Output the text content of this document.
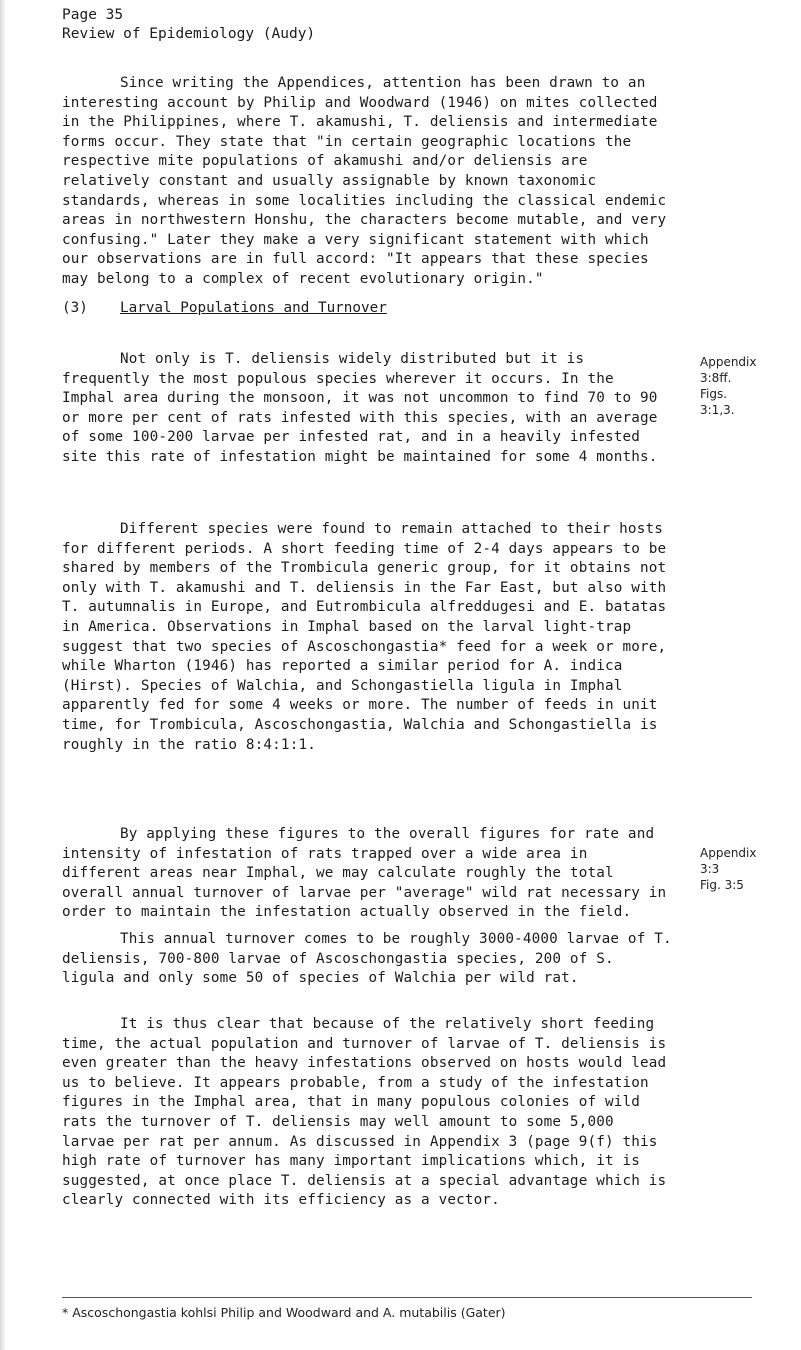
Page 35
Review of Epidemiology (Audy)

Since writing the Appendices, attention has been drawn to an interesting account by Philip and Woodward (1946) on mites collected in the Philippines, where T. akamushi, T. deliensis and intermediate forms occur. They state that "in certain geographic locations the respective mite populations of akamushi and/or deliensis are relatively constant and usually assignable by known taxonomic standards, whereas in some localities including the classical endemic areas in northwestern Honshu, the characters become mutable, and very confusing." Later they make a very significant statement with which our observations are in full accord: "It appears that these species may belong to a complex of recent evolutionary origin."

(3) Larval Populations and Turnover

Not only is T. deliensis widely distributed but it is frequently the most populous species wherever it occurs. In the Imphal area during the monsoon, it was not uncommon to find 70 to 90 or more per cent of rats infested with this species, with an average of some 100-200 larvae per infested rat, and in a heavily infested site this rate of infestation might be maintained for some 4 months.

Different species were found to remain attached to their hosts for different periods. A short feeding time of 2-4 days appears to be shared by members of the Trombicula generic group, for it obtains not only with T. akamushi and T. deliensis in the Far East, but also with T. autumnalis in Europe, and Eutrombicula alfreddugesi and E. batatas in America. Observations in Imphal based on the larval light-trap suggest that two species of Ascoschongastia* feed for a week or more, while Wharton (1946) has reported a similar period for A. indica (Hirst). Species of Walchia, and Schongastiella ligula in Imphal apparently fed for some 4 weeks or more. The number of feeds in unit time, for Trombicula, Ascoschongastia, Walchia and Schongastiella is roughly in the ratio 8:4:1:1.

By applying these figures to the overall figures for rate and intensity of infestation of rats trapped over a wide area in different areas near Imphal, we may calculate roughly the total overall annual turnover of larvae per "average" wild rat necessary in order to maintain the infestation actually observed in the field.

This annual turnover comes to be roughly 3000-4000 larvae of T. deliensis, 700-800 larvae of Ascoschongastia species, 200 of S. ligula and only some 50 of species of Walchia per wild rat.

It is thus clear that because of the relatively short feeding time, the actual population and turnover of larvae of T. deliensis is even greater than the heavy infestations observed on hosts would lead us to believe. It appears probable, from a study of the infestation figures in the Imphal area, that in many populous colonies of wild rats the turnover of T. deliensis may well amount to some 5,000 larvae per rat per annum. As discussed in Appendix 3 (page 9(f) this high rate of turnover has many important implications which, it is suggested, at once place T. deliensis at a special advantage which is clearly connected with its efficiency as a vector.

Appendix
3:8ff.
Figs.
3:1,3.
Appendix
3:3
Fig. 3:5
* Ascoschongastia kohlsi Philip and Woodward and A. mutabilis (Gater)
